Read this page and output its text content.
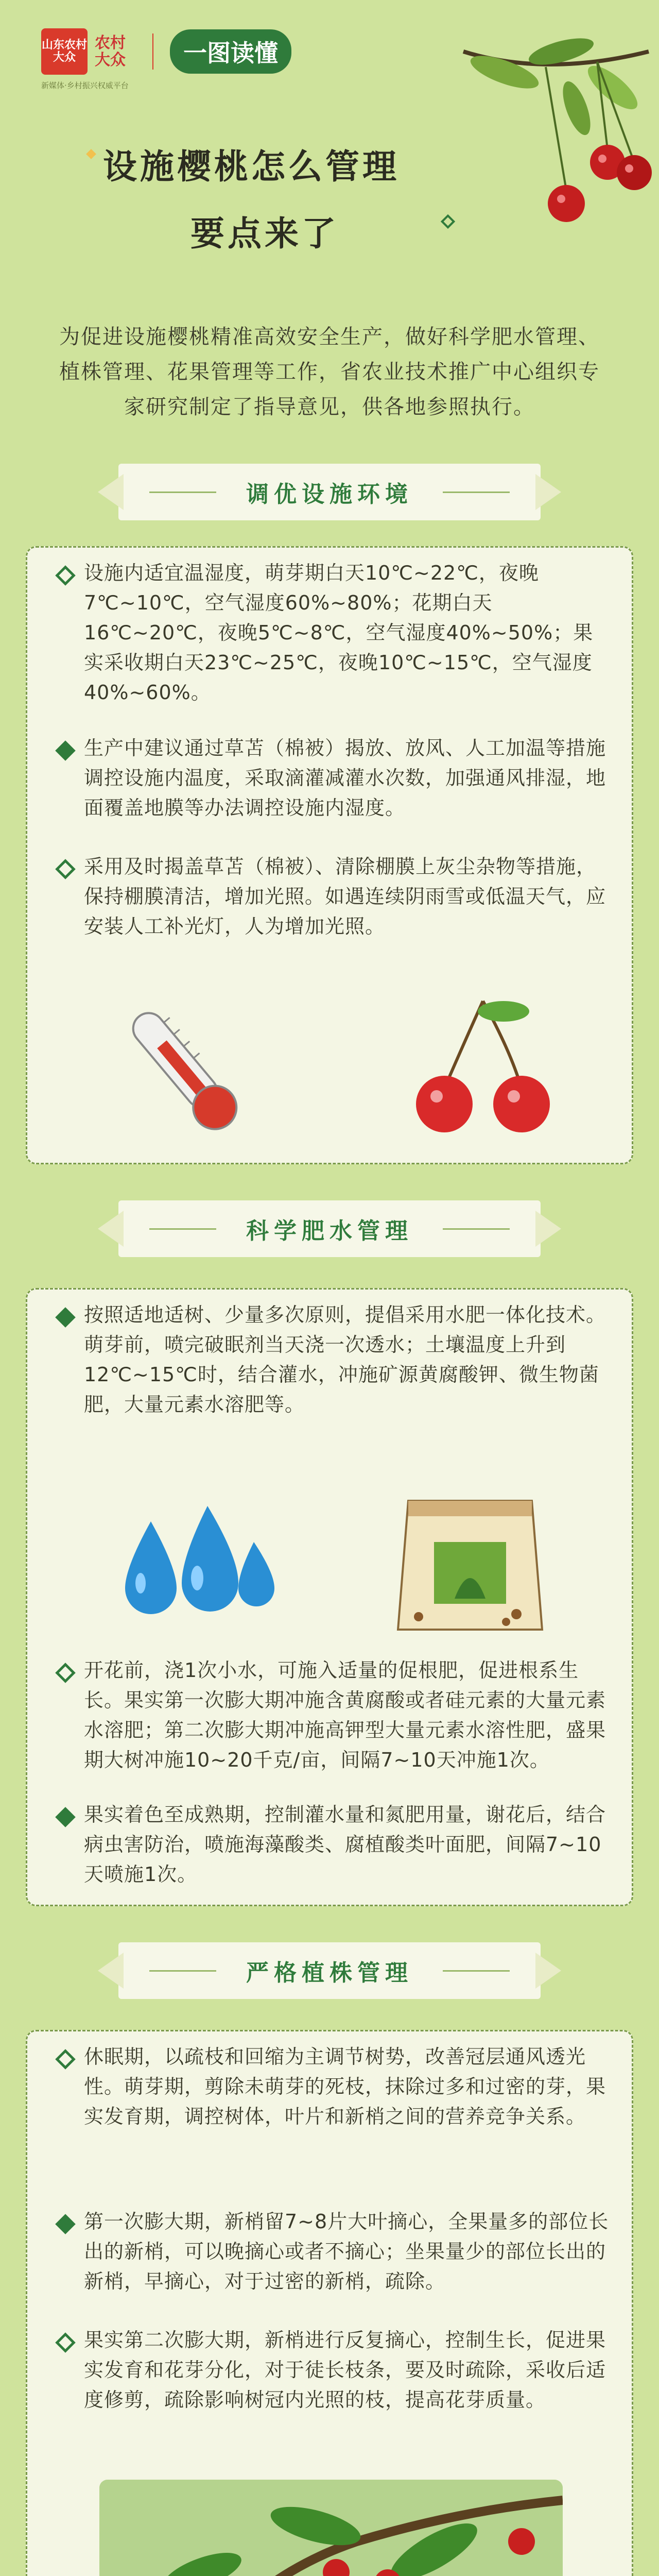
山东农村大众
农村大众	一图读懂
新媒体·乡村振兴权威平台
设施樱桃怎么管理
要点来了
为促进设施樱桃精准高效安全生产，做好科学肥水管理、植株管理、花果管理等工作，省农业技术推广中心组织专家研究制定了指导意见，供各地参照执行。
调优设施环境
设施内适宜温湿度，萌芽期白天10℃~22℃，夜晚7℃~10℃，空气湿度60%~80%；花期白天16℃~20℃，夜晚5℃~8℃，空气湿度40%~50%；果实采收期白天23℃~25℃，夜晚10℃~15℃，空气湿度40%~60%。
生产中建议通过草苫（棉被）揭放、放风、人工加温等措施调控设施内温度，采取滴灌减灌水次数，加强通风排湿，地面覆盖地膜等办法调控设施内湿度。
采用及时揭盖草苫（棉被）、清除棚膜上灰尘杂物等措施，保持棚膜清洁，增加光照。如遇连续阴雨雪或低温天气，应安装人工补光灯，人为增加光照。
科学肥水管理
按照适地适树、少量多次原则，提倡采用水肥一体化技术。萌芽前，喷完破眠剂当天浇一次透水；土壤温度上升到12℃~15℃时，结合灌水，冲施矿源黄腐酸钾、微生物菌肥，大量元素水溶肥等。
开花前，浇1次小水，可施入适量的促根肥，促进根系生长。果实第一次膨大期冲施含黄腐酸或者硅元素的大量元素水溶肥；第二次膨大期冲施高钾型大量元素水溶性肥，盛果期大树冲施10~20千克/亩，间隔7~10天冲施1次。
果实着色至成熟期，控制灌水量和氮肥用量，谢花后，结合病虫害防治，喷施海藻酸类、腐植酸类叶面肥，间隔7~10天喷施1次。
严格植株管理
休眠期，以疏枝和回缩为主调节树势，改善冠层通风透光性。萌芽期，剪除未萌芽的死枝，抹除过多和过密的芽，果实发育期，调控树体，叶片和新梢之间的营养竞争关系。
第一次膨大期，新梢留7~8片大叶摘心，全果量多的部位长出的新梢，可以晚摘心或者不摘心；坐果量少的部位长出的新梢，早摘心，对于过密的新梢，疏除。
果实第二次膨大期，新梢进行反复摘心，控制生长，促进果实发育和花芽分化，对于徒长枝条，要及时疏除，采收后适度修剪，疏除影响树冠内光照的枝，提高花芽质量。
